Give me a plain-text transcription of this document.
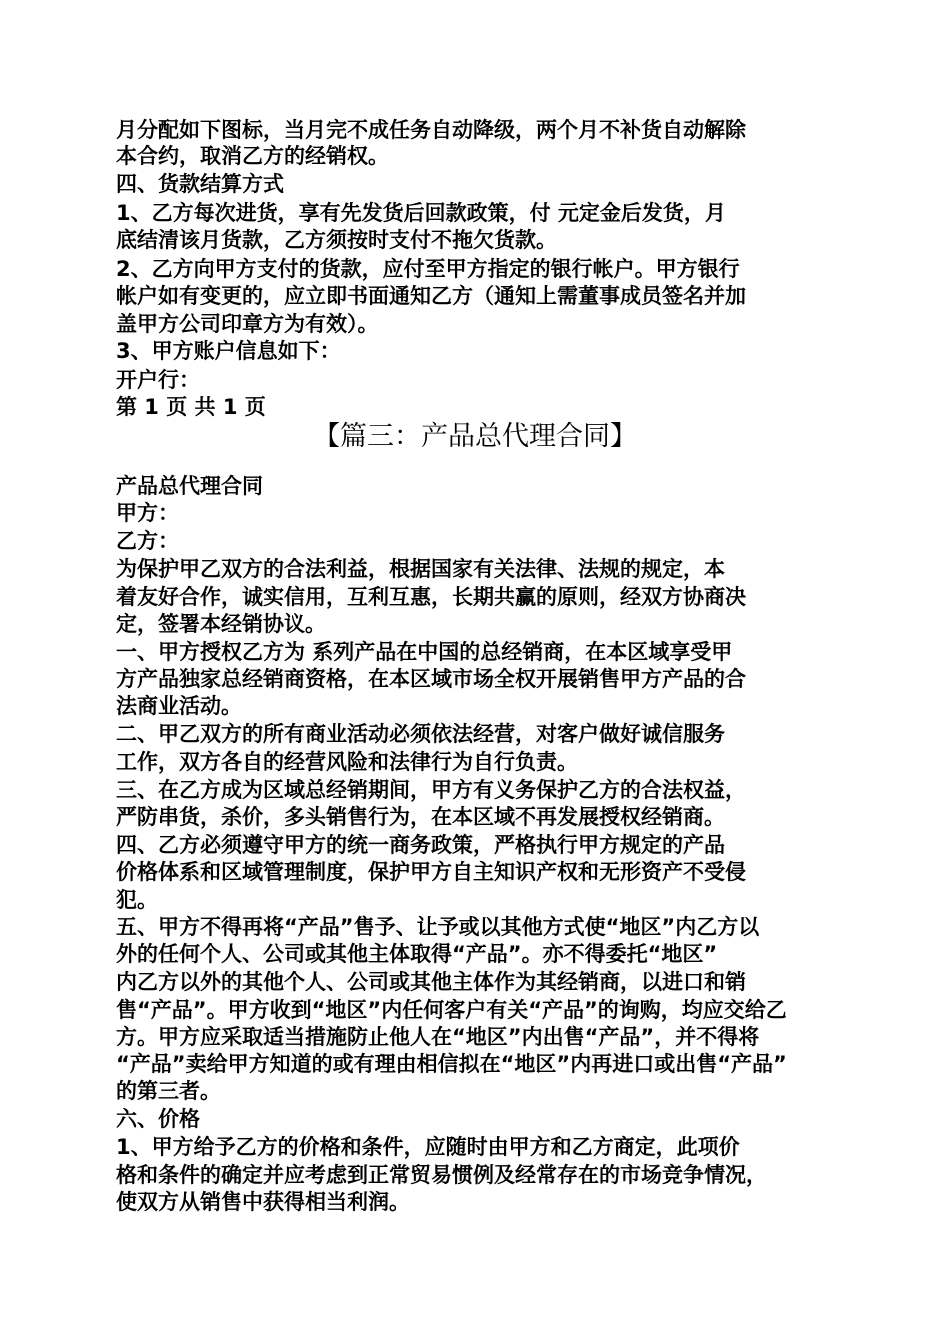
月分配如下图标，当月完不成任务自动降级，两个月不补货自动解除
本合约，取消乙方的经销权。
四、货款结算方式
1、乙方每次进货，享有先发货后回款政策，付 元定金后发货，月
底结清该月货款，乙方须按时支付不拖欠货款。
2、乙方向甲方支付的货款，应付至甲方指定的银行帐户。甲方银行
帐户如有变更的，应立即书面通知乙方（通知上需董事成员签名并加
盖甲方公司印章方为有效）。
3、甲方账户信息如下：
开户行：
第 1 页 共 1 页
【篇三：产品总代理合同】
产品总代理合同
甲方：
乙方：
为保护甲乙双方的合法利益，根据国家有关法律、法规的规定，本
着友好合作，诚实信用，互利互惠，长期共赢的原则，经双方协商决
定，签署本经销协议。
一、甲方授权乙方为 系列产品在中国的总经销商，在本区域享受甲
方产品独家总经销商资格，在本区域市场全权开展销售甲方产品的合
法商业活动。
二、甲乙双方的所有商业活动必须依法经营，对客户做好诚信服务
工作，双方各自的经营风险和法律行为自行负责。
三、在乙方成为区域总经销期间，甲方有义务保护乙方的合法权益，
严防串货，杀价，多头销售行为，在本区域不再发展授权经销商。
四、乙方必须遵守甲方的统一商务政策，严格执行甲方规定的产品
价格体系和区域管理制度，保护甲方自主知识产权和无形资产不受侵
犯。
五、甲方不得再将“产品”售予、让予或以其他方式使“地区”内乙方以
外的任何个人、公司或其他主体取得“产品”。亦不得委托“地区”
内乙方以外的其他个人、公司或其他主体作为其经销商，以进口和销
售“产品”。甲方收到“地区”内任何客户有关“产品”的询购，均应交给乙
方。甲方应采取适当措施防止他人在“地区”内出售“产品”，并不得将
“产品”卖给甲方知道的或有理由相信拟在“地区”内再进口或出售“产品”
的第三者。
六、价格
1、甲方给予乙方的价格和条件，应随时由甲方和乙方商定，此项价
格和条件的确定并应考虑到正常贸易惯例及经常存在的市场竞争情况，
使双方从销售中获得相当利润。
